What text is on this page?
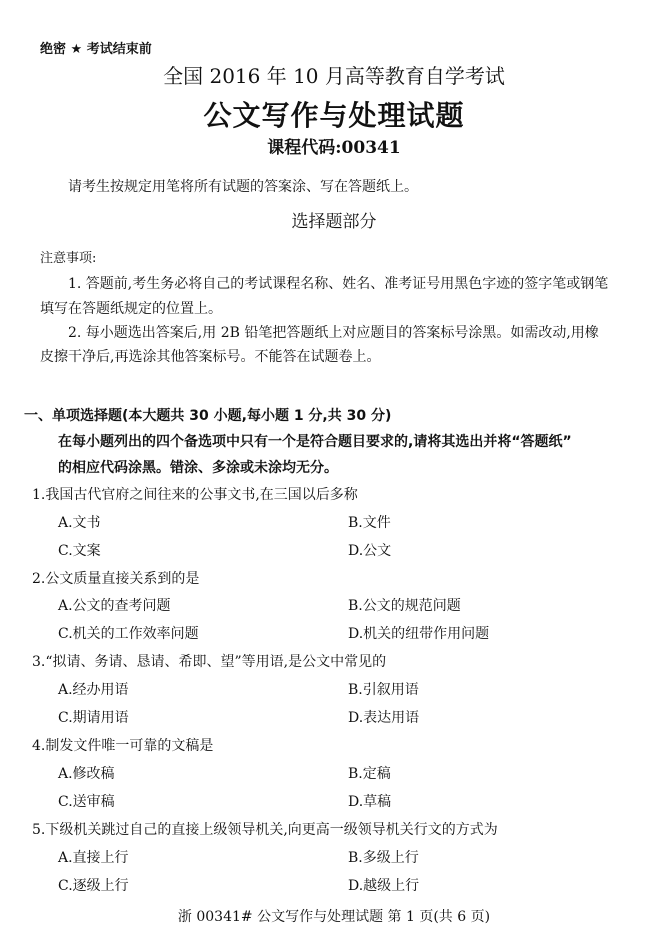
绝密 ★ 考试结束前
全国 2016 年 10 月高等教育自学考试
公文写作与处理试题
课程代码:00341
请考生按规定用笔将所有试题的答案涂、写在答题纸上。
选择题部分
注意事项:
1. 答题前,考生务必将自己的考试课程名称、姓名、准考证号用黑色字迹的签字笔或钢笔
填写在答题纸规定的位置上。
2. 每小题选出答案后,用 2B 铅笔把答题纸上对应题目的答案标号涂黑。如需改动,用橡
皮擦干净后,再选涂其他答案标号。不能答在试题卷上。
一、单项选择题(本大题共 30 小题,每小题 1 分,共 30 分)
在每小题列出的四个备选项中只有一个是符合题目要求的,请将其选出并将“答题纸”
的相应代码涂黑。错涂、多涂或未涂均无分。
1.我国古代官府之间往来的公事文书,在三国以后多称
A.文书	B.文件
C.文案	D.公文
2.公文质量直接关系到的是
A.公文的查考问题	B.公文的规范问题
C.机关的工作效率问题	D.机关的纽带作用问题
3.“拟请、务请、恳请、希即、望”等用语,是公文中常见的
A.经办用语	B.引叙用语
C.期请用语	D.表达用语
4.制发文件唯一可靠的文稿是
A.修改稿	B.定稿
C.送审稿	D.草稿
5.下级机关跳过自己的直接上级领导机关,向更高一级领导机关行文的方式为
A.直接上行	B.多级上行
C.逐级上行	D.越级上行
浙 00341# 公文写作与处理试题 第 1 页(共 6 页)
